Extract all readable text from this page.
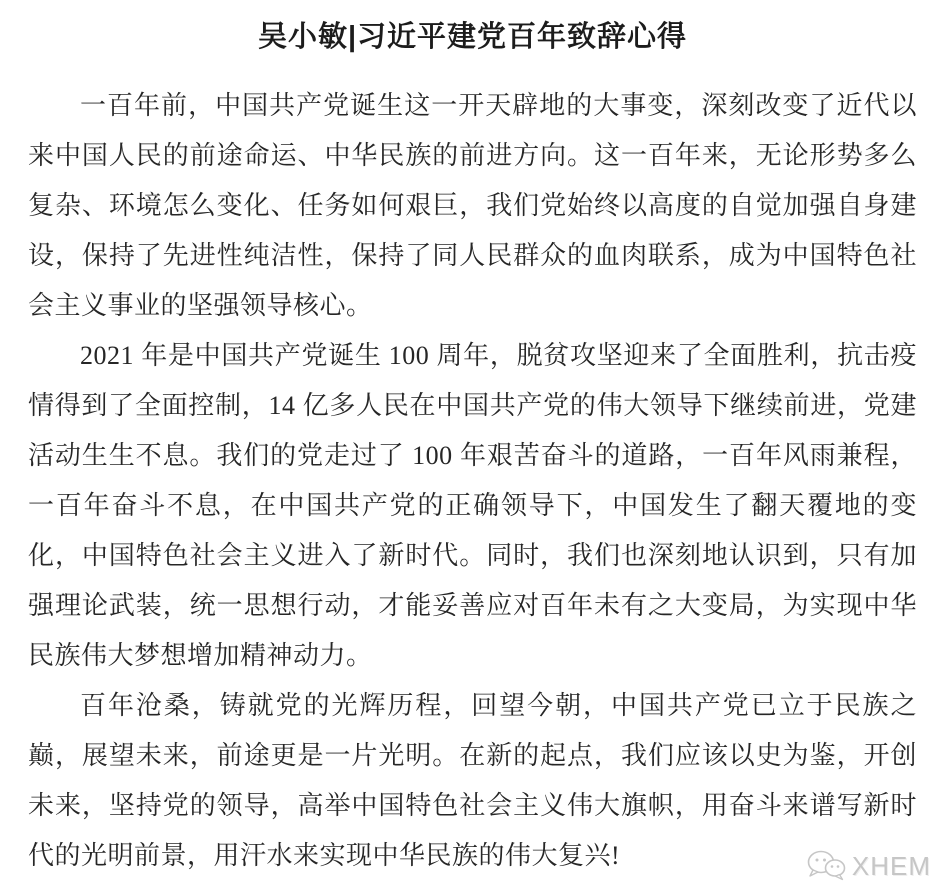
吴小敏|习近平建党百年致辞心得

一百年前，中国共产党诞生这一开天辟地的大事变，深刻改变了近代以来中国人民的前途命运、中华民族的前进方向。这一百年来，无论形势多么复杂、环境怎么变化、任务如何艰巨，我们党始终以高度的自觉加强自身建设，保持了先进性纯洁性，保持了同人民群众的血肉联系，成为中国特色社会主义事业的坚强领导核心。

2021 年是中国共产党诞生 100 周年，脱贫攻坚迎来了全面胜利，抗击疫情得到了全面控制，14 亿多人民在中国共产党的伟大领导下继续前进，党建活动生生不息。我们的党走过了 100 年艰苦奋斗的道路，一百年风雨兼程，一百年奋斗不息，在中国共产党的正确领导下，中国发生了翻天覆地的变化，中国特色社会主义进入了新时代。同时，我们也深刻地认识到，只有加强理论武装，统一思想行动，才能妥善应对百年未有之大变局，为实现中华民族伟大梦想增加精神动力。

百年沧桑，铸就党的光辉历程，回望今朝，中国共产党已立于民族之巅，展望未来，前途更是一片光明。在新的起点，我们应该以史为鉴，开创未来，坚持党的领导，高举中国特色社会主义伟大旗帜，用奋斗来谱写新时代的光明前景，用汗水来实现中华民族的伟大复兴!	XHEM
